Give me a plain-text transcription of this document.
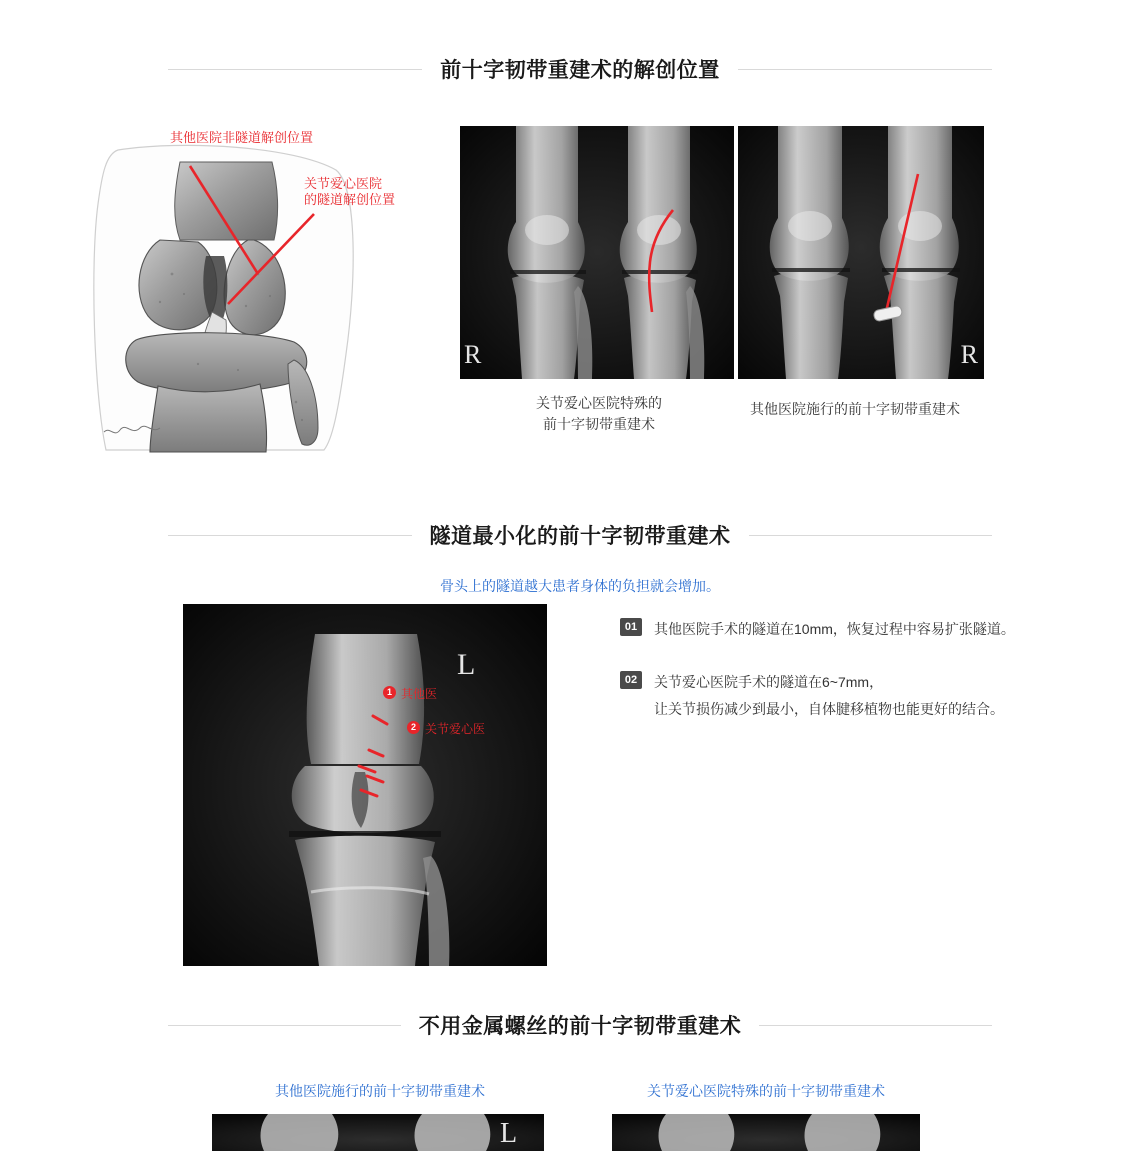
前十字韧带重建术的解创位置
其他医院非隧道解创位置
关节爱心医院
的隧道解创位置
R	R
关节爱心医院特殊的
前十字韧带重建术
其他医院施行的前十字韧带重建术
隧道最小化的前十字韧带重建术
骨头上的隧道越大患者身体的负担就会增加。
L
1 其他医
2 关节爱心医
01	其他医院手术的隧道在10mm，恢复过程中容易扩张隧道。
02	关节爱心医院手术的隧道在6~7mm，
让关节损伤减少到最小，自体腱移植物也能更好的结合。
不用金属螺丝的前十字韧带重建术
其他医院施行的前十字韧带重建术	关节爱心医院特殊的前十字韧带重建术
L
